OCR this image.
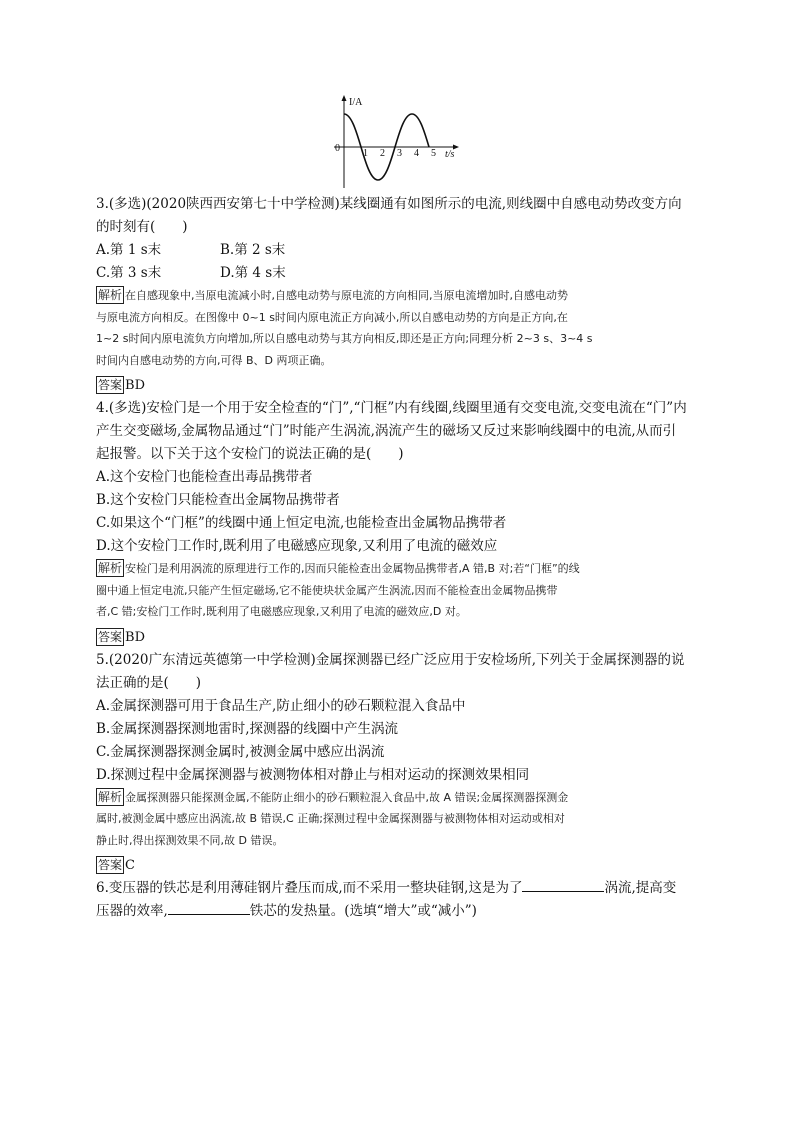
I/A
t/s
0 1 2 3 4 5
3.(多选)(2020陕西西安第七十中学检测)某线圈通有如图所示的电流,则线圈中自感电动势改变方向
的时刻有(　　)
A.第 1 s末	B.第 2 s末
C.第 3 s末	D.第 4 s末
解析 在自感现象中,当原电流减小时,自感电动势与原电流的方向相同,当原电流增加时,自感电动势
与原电流方向相反。在图像中 0~1 s时间内原电流正方向减小,所以自感电动势的方向是正方向,在
1~2 s时间内原电流负方向增加,所以自感电动势与其方向相反,即还是正方向;同理分析 2~3 s、3~4 s
时间内自感电动势的方向,可得 B、D 两项正确。
答案 BD
4.(多选)安检门是一个用于安全检查的“门”,“门框”内有线圈,线圈里通有交变电流,交变电流在“门”内
产生交变磁场,金属物品通过“门”时能产生涡流,涡流产生的磁场又反过来影响线圈中的电流,从而引
起报警。以下关于这个安检门的说法正确的是(　　)
A.这个安检门也能检查出毒品携带者
B.这个安检门只能检查出金属物品携带者
C.如果这个“门框”的线圈中通上恒定电流,也能检查出金属物品携带者
D.这个安检门工作时,既利用了电磁感应现象,又利用了电流的磁效应
解析 安检门是利用涡流的原理进行工作的,因而只能检查出金属物品携带者,A 错,B 对;若“门框”的线
圈中通上恒定电流,只能产生恒定磁场,它不能使块状金属产生涡流,因而不能检查出金属物品携带
者,C 错;安检门工作时,既利用了电磁感应现象,又利用了电流的磁效应,D 对。
答案 BD
5.(2020广东清远英德第一中学检测)金属探测器已经广泛应用于安检场所,下列关于金属探测器的说
法正确的是(　　)
A.金属探测器可用于食品生产,防止细小的砂石颗粒混入食品中
B.金属探测器探测地雷时,探测器的线圈中产生涡流
C.金属探测器探测金属时,被测金属中感应出涡流
D.探测过程中金属探测器与被测物体相对静止与相对运动的探测效果相同
解析 金属探测器只能探测金属,不能防止细小的砂石颗粒混入食品中,故 A 错误;金属探测器探测金
属时,被测金属中感应出涡流,故 B 错误,C 正确;探测过程中金属探测器与被测物体相对运动或相对
静止时,得出探测效果不同,故 D 错误。
答案 C
6.变压器的铁芯是利用薄硅钢片叠压而成,而不采用一整块硅钢,这是为了	涡流,提高变
压器的效率,	铁芯的发热量。(选填“增大”或“减小”)
